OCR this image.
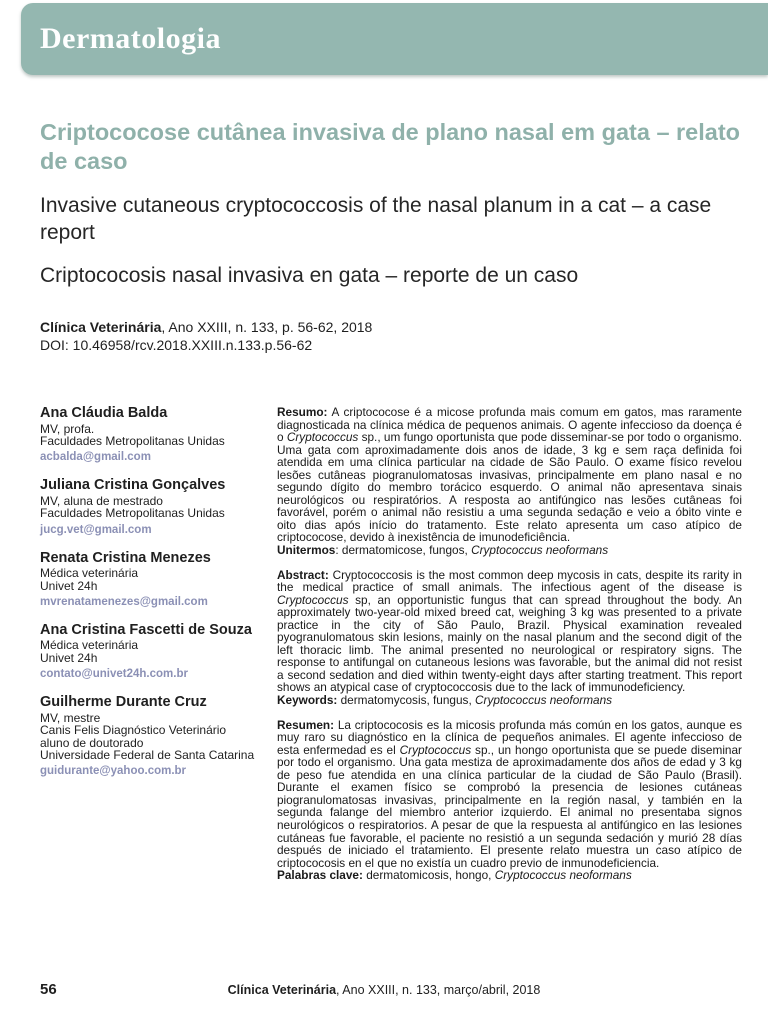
Dermatologia
Criptococose cutânea invasiva de plano nasal em gata – relato de caso
Invasive cutaneous cryptococcosis of the nasal planum in a cat – a case report
Criptococosis nasal invasiva en gata – reporte de un caso
Clínica Veterinária, Ano XXIII, n. 133, p. 56-62, 2018
DOI: 10.46958/rcv.2018.XXIII.n.133.p.56-62
Ana Cláudia Balda
MV, profa.
Faculdades Metropolitanas Unidas
acbalda@gmail.com
Juliana Cristina Gonçalves
MV, aluna de mestrado
Faculdades Metropolitanas Unidas
jucg.vet@gmail.com
Renata Cristina Menezes
Médica veterinária
Univet 24h
mvrenatamenezes@gmail.com
Ana Cristina Fascetti de Souza
Médica veterinária
Univet 24h
contato@univet24h.com.br
Guilherme Durante Cruz
MV, mestre
Canis Felis Diagnóstico Veterinário
aluno de doutorado
Universidade Federal de Santa Catarina
guidurante@yahoo.com.br

Resumo: A criptococose é a micose profunda mais comum em gatos, mas raramente diagnosticada na clínica médica de pequenos animais. O agente infeccioso da doença é o Cryptococcus sp., um fungo oportunista que pode disseminar-se por todo o organismo. Uma gata com aproximadamente dois anos de idade, 3 kg e sem raça definida foi atendida em uma clínica particular na cidade de São Paulo. O exame físico revelou lesões cutâneas piogranulomatosas invasivas, principalmente em plano nasal e no segundo dígito do membro torácico esquerdo. O animal não apresentava sinais neurológicos ou respiratórios. A resposta ao antifúngico nas lesões cutâneas foi favorável, porém o animal não resistiu a uma segunda sedação e veio a óbito vinte e oito dias após início do tratamento. Este relato apresenta um caso atípico de criptococose, devido à inexistência de imunodeficiência.

Unitermos: dermatomicose, fungos, Cryptococcus neoformans

Abstract: Cryptococcosis is the most common deep mycosis in cats, despite its rarity in the medical practice of small animals. The infectious agent of the disease is Cryptococcus sp, an opportunistic fungus that can spread throughout the body. An approximately two-year-old mixed breed cat, weighing 3 kg was presented to a private practice in the city of São Paulo, Brazil. Physical examination revealed pyogranulomatous skin lesions, mainly on the nasal planum and the second digit of the left thoracic limb. The animal presented no neurological or respiratory signs. The response to antifungal on cutaneous lesions was favorable, but the animal did not resist a second sedation and died within twenty-eight days after starting treatment. This report shows an atypical case of cryptococcosis due to the lack of immunodeficiency.

Keywords: dermatomycosis, fungus, Cryptococcus neoformans

Resumen: La criptococosis es la micosis profunda más común en los gatos, aunque es muy raro su diagnóstico en la clínica de pequeños animales. El agente infeccioso de esta enfermedad es el Cryptococcus sp., un hongo oportunista que se puede diseminar por todo el organismo. Una gata mestiza de aproximadamente dos años de edad y 3 kg de peso fue atendida en una clínica particular de la ciudad de São Paulo (Brasil). Durante el examen físico se comprobó la presencia de lesiones cutáneas piogranulomatosas invasivas, principalmente en la región nasal, y también en la segunda falange del miembro anterior izquierdo. El animal no presentaba signos neurológicos o respiratorios. A pesar de que la respuesta al antifúngico en las lesiones cutáneas fue favorable, el paciente no resistió a un segunda sedación y murió 28 días después de iniciado el tratamiento. El presente relato muestra un caso atípico de criptococosis en el que no existía un cuadro previo de inmunodeficiencia.

Palabras clave: dermatomicosis, hongo, Cryptococcus neoformans

56	Clínica Veterinária, Ano XXIII, n. 133, março/abril, 2018
